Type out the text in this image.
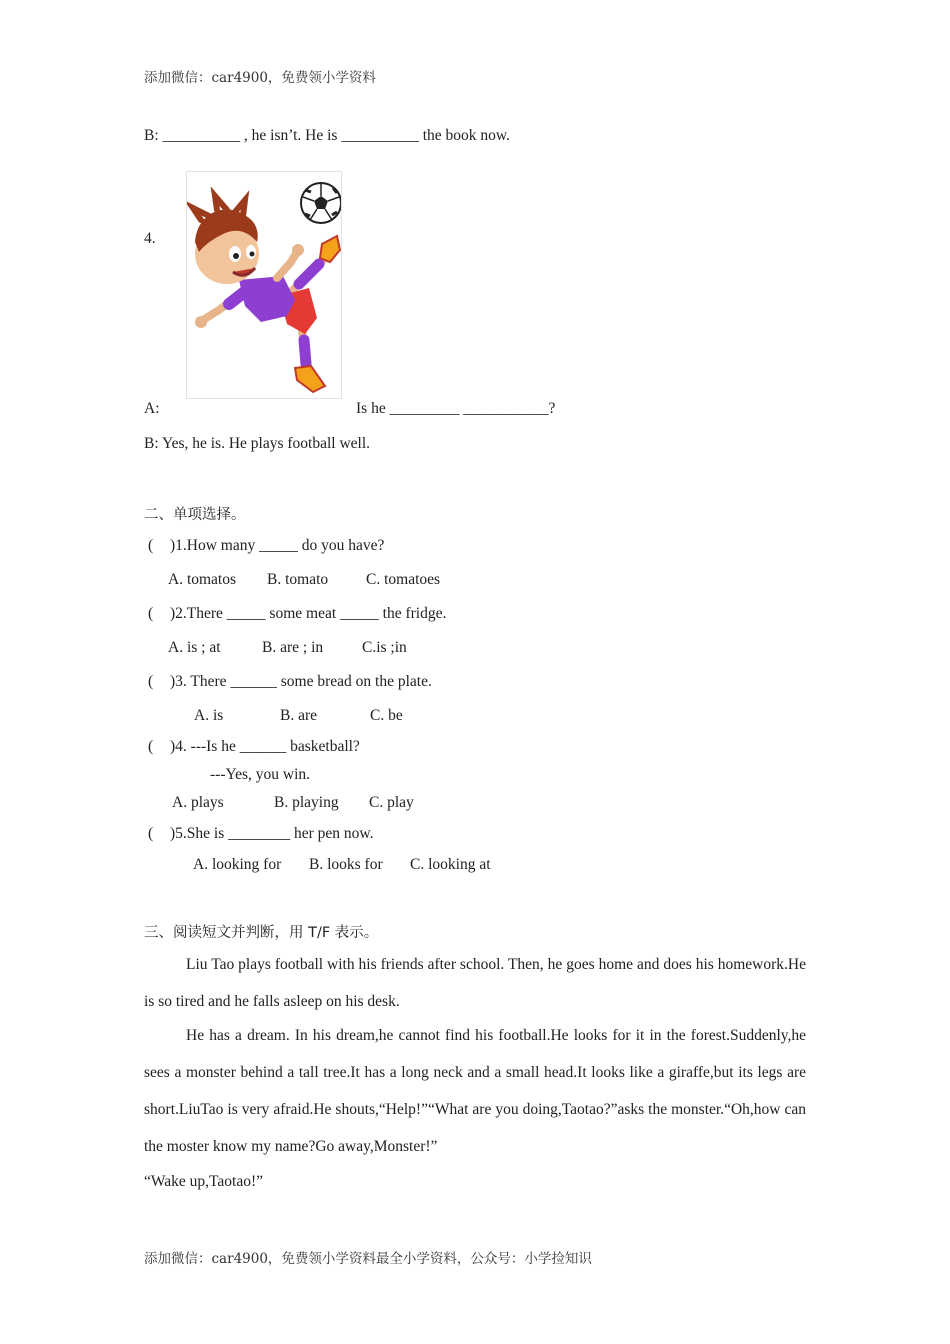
添加微信：car4900，免费领小学资料
B: __________ , he isn’t. He is __________ the book now.
4.
A:	Is he _________ ___________?
B: Yes, he is. He plays football well.
二、单项选择。
( )1.How many _____ do you have?
A. tomatos B. tomato C. tomatoes
( )2.There _____ some meat _____ the fridge.
A. is ; at	B. are ; in	C.is ;in
( )3. There ______ some bread on the plate.
A. is	B. are	C. be
( )4. ---Is he ______ basketball?
---Yes, you win.
A. plays	B. playing C. play
( )5.She is ________ her pen now.
A. looking for B. looks for C. looking at
三、阅读短文并判断，用 T/F 表示。
Liu Tao plays football with his friends after school. Then, he goes home and does his homework.He is so tired and he falls asleep on his desk.
He has a dream. In his dream,he cannot find his football.He looks for it in the forest.Suddenly,he sees a monster behind a tall tree.It has a long neck and a small head.It looks like a giraffe,but its legs are short.LiuTao is very afraid.He shouts,“Help!”“What are you doing,Taotao?”asks the monster.“Oh,how can the moster know my name?Go away,Monster!”
“Wake up,Taotao!”
添加微信：car4900，免费领小学资料最全小学资料，公众号：小学捡知识
